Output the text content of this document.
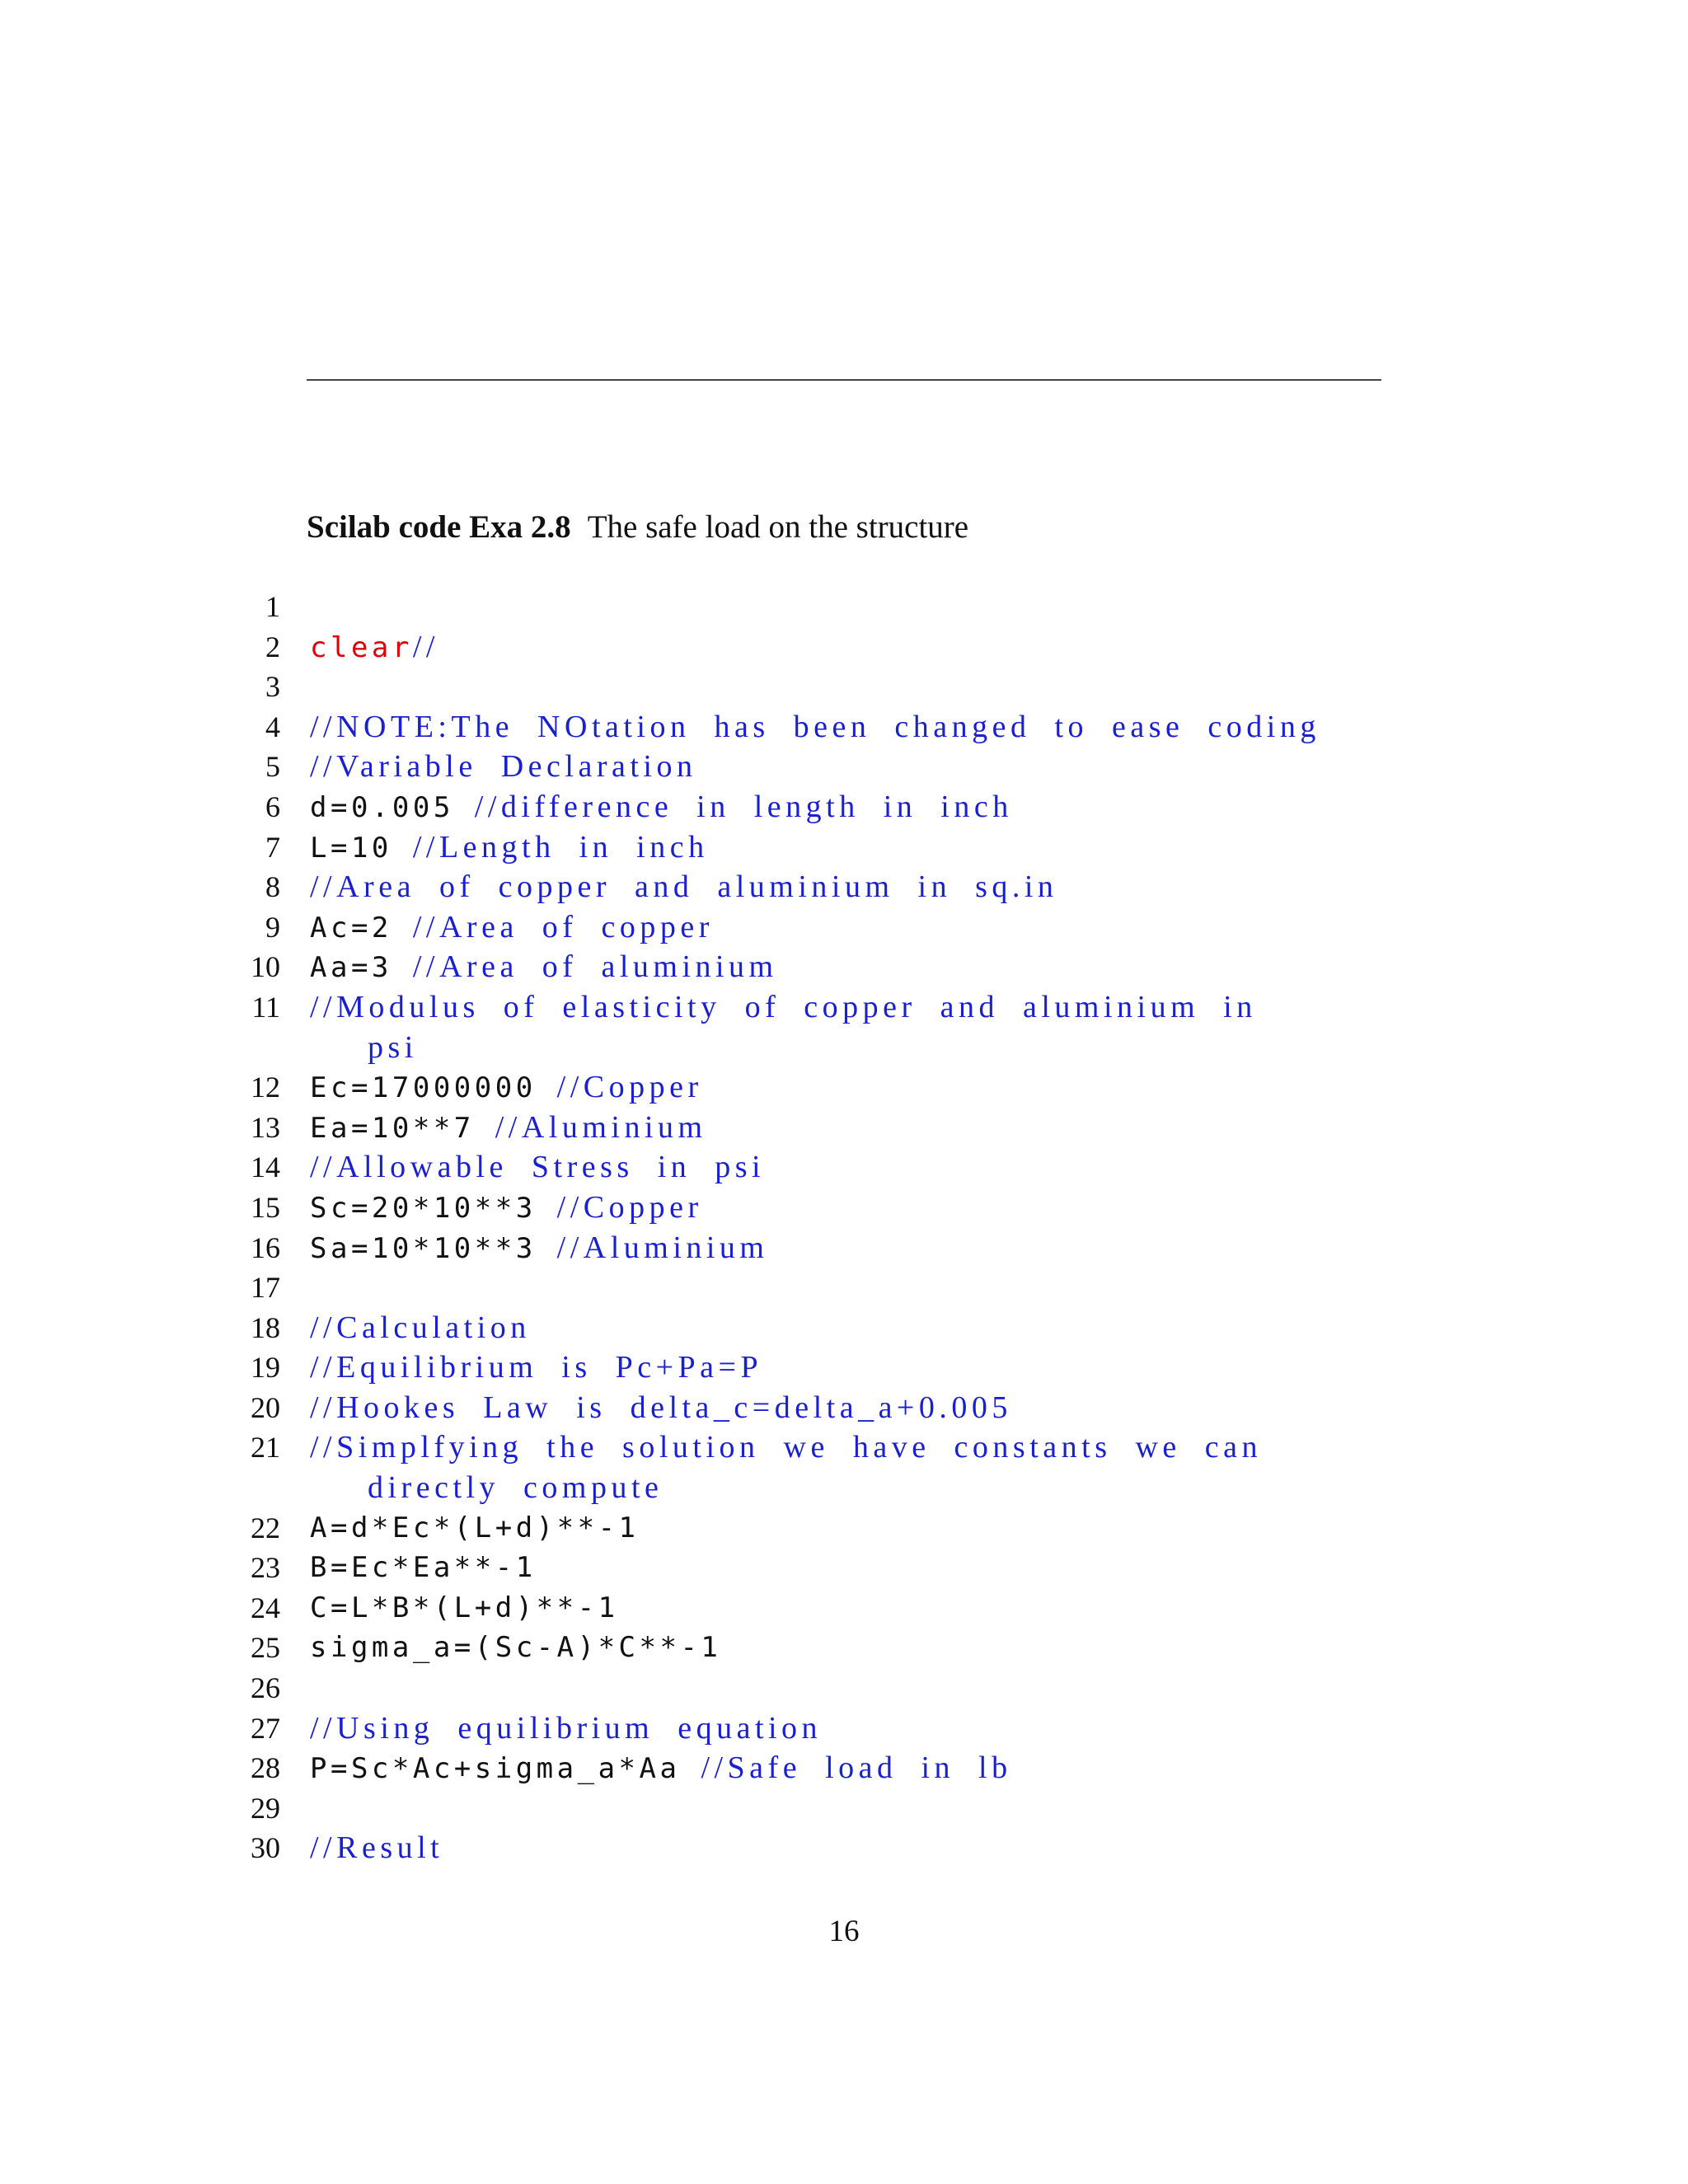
Scilab code Exa 2.8 The safe load on the structure
1
2 clear//
3
4 //NOTE:The NOtation has been changed to ease coding
5 //Variable Declaration
6 d=0.005 //difference in length in inch
7 L=10 //Length in inch
8 //Area of copper and aluminium in sq.in
9 Ac=2 //Area of copper
10 Aa=3 //Area of aluminium
11 //Modulus of elasticity of copper and aluminium in
psi
12 Ec=17000000 //Copper
13 Ea=10**7 //Aluminium
14 //Allowable Stress in psi
15 Sc=20*10**3 //Copper
16 Sa=10*10**3 //Aluminium
17
18 //Calculation
19 //Equilibrium is Pc+Pa=P
20 //Hookes Law is delta_c=delta_a+0.005
21 //Simplfying the solution we have constants we can
directly compute
22 A=d*Ec*(L+d)**-1
23 B=Ec*Ea**-1
24 C=L*B*(L+d)**-1
25 sigma_a=(Sc-A)*C**-1
26
27 //Using equilibrium equation
28 P=Sc*Ac+sigma_a*Aa //Safe load in lb
29
30 //Result
16
